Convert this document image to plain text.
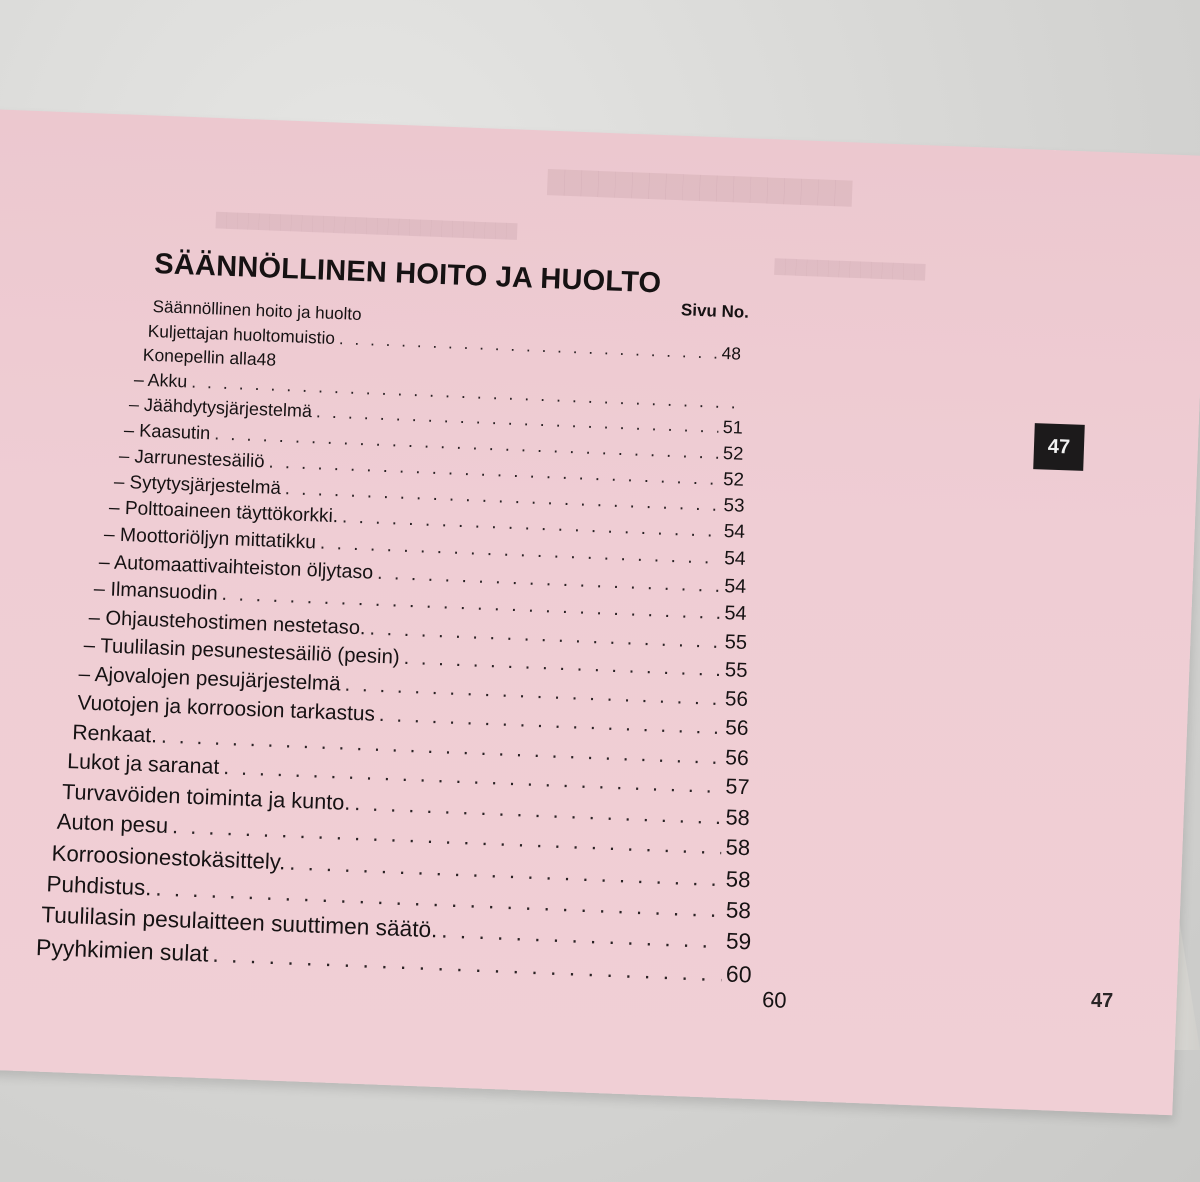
██████████████████
████████████████████████████
██████████████
SÄÄNNÖLLINEN HOITO JA HUOLTO
Sivu No.
Säännöllinen hoito ja huolto
Kuljettajan huoltomuistio
. . .
48
Konepellin alla 48
– Akku
. . .
– Jäähdytysjärjestelmä
. . .
51
– Kaasutin
. . .
52
– Jarrunestesäiliö
. . .
52
– Sytytysjärjestelmä
. . .
53
– Polttoaineen täyttökorkki.
. . .
54
– Moottoriöljyn mittatikku
. . .
54
– Automaattivaihteiston öljytaso
. . .
54
– Ilmansuodin
. . .
54
– Ohjaustehostimen nestetaso.
. . .
55
– Tuulilasin pesunestesäiliö (pesin)
. . .
55
– Ajovalojen pesujärjestelmä
. . .
56
Vuotojen ja korroosion tarkastus
. . .
56
Renkaat.
. . .
56
Lukot ja saranat
. . .
57
Turvavöiden toiminta ja kunto.
. . .
58
Auton pesu
. . .
58
Korroosionestokäsittely.
. . .
58
Puhdistus.
. . .
58
Tuulilasin pesulaitteen suuttimen säätö.
. . .	59
Pyyhkimien sulat
. . .
60
60
47
47
